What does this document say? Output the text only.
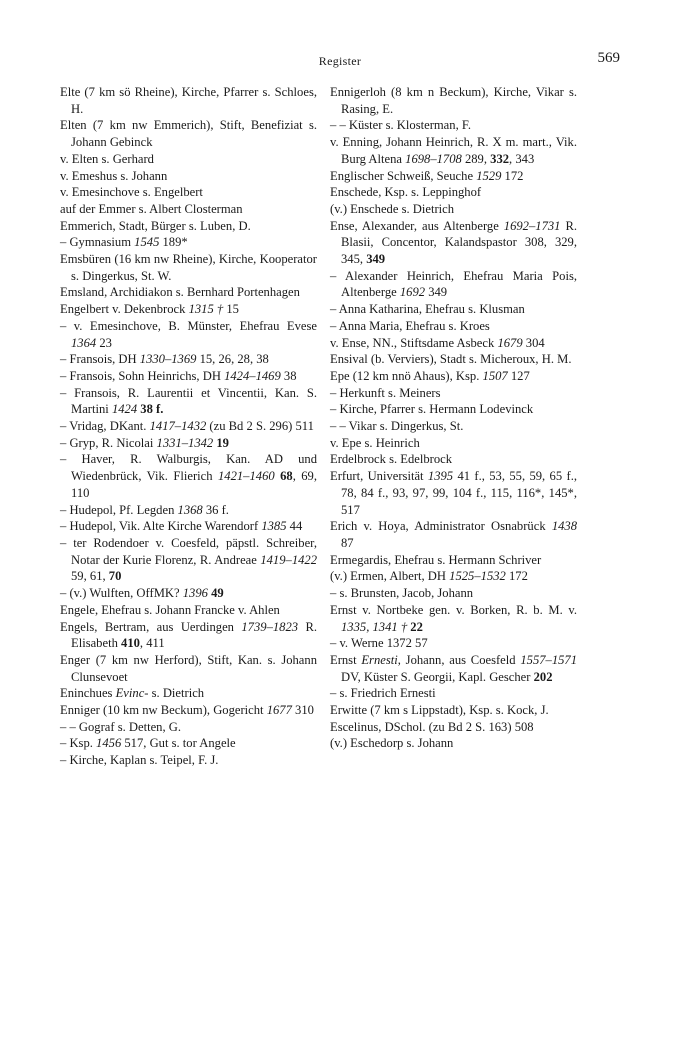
Register	569

Elte (7 km sö Rheine), Kirche, Pfarrer s. Schloes, H.

Elten (7 km nw Emmerich), Stift, Benefiziat s. Johann Gebinck

v. Elten s. Gerhard

v. Emeshus s. Johann

v. Emesinchove s. Engelbert

auf der Emmer s. Albert Closterman

Emmerich, Stadt, Bürger s. Luben, D.

– Gymnasium 1545 189*

Emsbüren (16 km nw Rheine), Kirche, Kooperator s. Dingerkus, St. W.

Emsland, Archidiakon s. Bernhard Portenhagen

Engelbert v. Dekenbrock 1315 † 15

– v. Emesinchove, B. Münster, Ehefrau Evese 1364 23

– Fransois, DH 1330–1369 15, 26, 28, 38

– Fransois, Sohn Heinrichs, DH 1424–1469 38

– Fransois, R. Laurentii et Vincentii, Kan. S. Martini 1424 38 f.

– Vridag, DKant. 1417–1432 (zu Bd 2 S. 296) 511

– Gryp, R. Nicolai 1331–1342 19

– Haver, R. Walburgis, Kan. AD und Wiedenbrück, Vik. Flierich 1421–1460 68, 69, 110

– Hudepol, Pf. Legden 1368 36 f.

– Hudepol, Vik. Alte Kirche Warendorf 1385 44

– ter Rodendoer v. Coesfeld, päpstl. Schreiber, Notar der Kurie Florenz, R. Andreae 1419–1422 59, 61, 70

– (v.) Wulften, OffMK? 1396 49

Engele, Ehefrau s. Johann Francke v. Ahlen

Engels, Bertram, aus Uerdingen 1739–1823 R. Elisabeth 410, 411

Enger (7 km nw Herford), Stift, Kan. s. Johann Clunsevoet

Eninchues Evinc- s. Dietrich

Enniger (10 km nw Beckum), Gogericht 1677 310

– – Gograf s. Detten, G.

– Ksp. 1456 517, Gut s. tor Angele

– Kirche, Kaplan s. Teipel, F. J.

Ennigerloh (8 km n Beckum), Kirche, Vikar s. Rasing, E.

– – Küster s. Klosterman, F.

v. Enning, Johann Heinrich, R. X m. mart., Vik. Burg Altena 1698–1708 289, 332, 343

Englischer Schweiß, Seuche 1529 172

Enschede, Ksp. s. Leppinghof

(v.) Enschede s. Dietrich

Ense, Alexander, aus Altenberge 1692–1731 R. Blasii, Concentor, Kalandspastor 308, 329, 345, 349

– Alexander Heinrich, Ehefrau Maria Pois, Altenberge 1692 349

– Anna Katharina, Ehefrau s. Klusman

– Anna Maria, Ehefrau s. Kroes

v. Ense, NN., Stiftsdame Asbeck 1679 304

Ensival (b. Verviers), Stadt s. Micheroux, H. M.

Epe (12 km nnö Ahaus), Ksp. 1507 127

– Herkunft s. Meiners

– Kirche, Pfarrer s. Hermann Lodevinck

– – Vikar s. Dingerkus, St.

v. Epe s. Heinrich

Erdelbrock s. Edelbrock

Erfurt, Universität 1395 41 f., 53, 55, 59, 65 f., 78, 84 f., 93, 97, 99, 104 f., 115, 116*, 145*, 517

Erich v. Hoya, Administrator Osnabrück 1438 87

Ermegardis, Ehefrau s. Hermann Schriver

(v.) Ermen, Albert, DH 1525–1532 172

– s. Brunsten, Jacob, Johann

Ernst v. Nortbeke gen. v. Borken, R. b. M. v. 1335, 1341 † 22

– v. Werne 1372 57

Ernst Ernesti, Johann, aus Coesfeld 1557–1571 DV, Küster S. Georgii, Kapl. Gescher 202

– s. Friedrich Ernesti

Erwitte (7 km s Lippstadt), Ksp. s. Kock, J.

Escelinus, DSchol. (zu Bd 2 S. 163) 508

(v.) Eschedorp s. Johann
